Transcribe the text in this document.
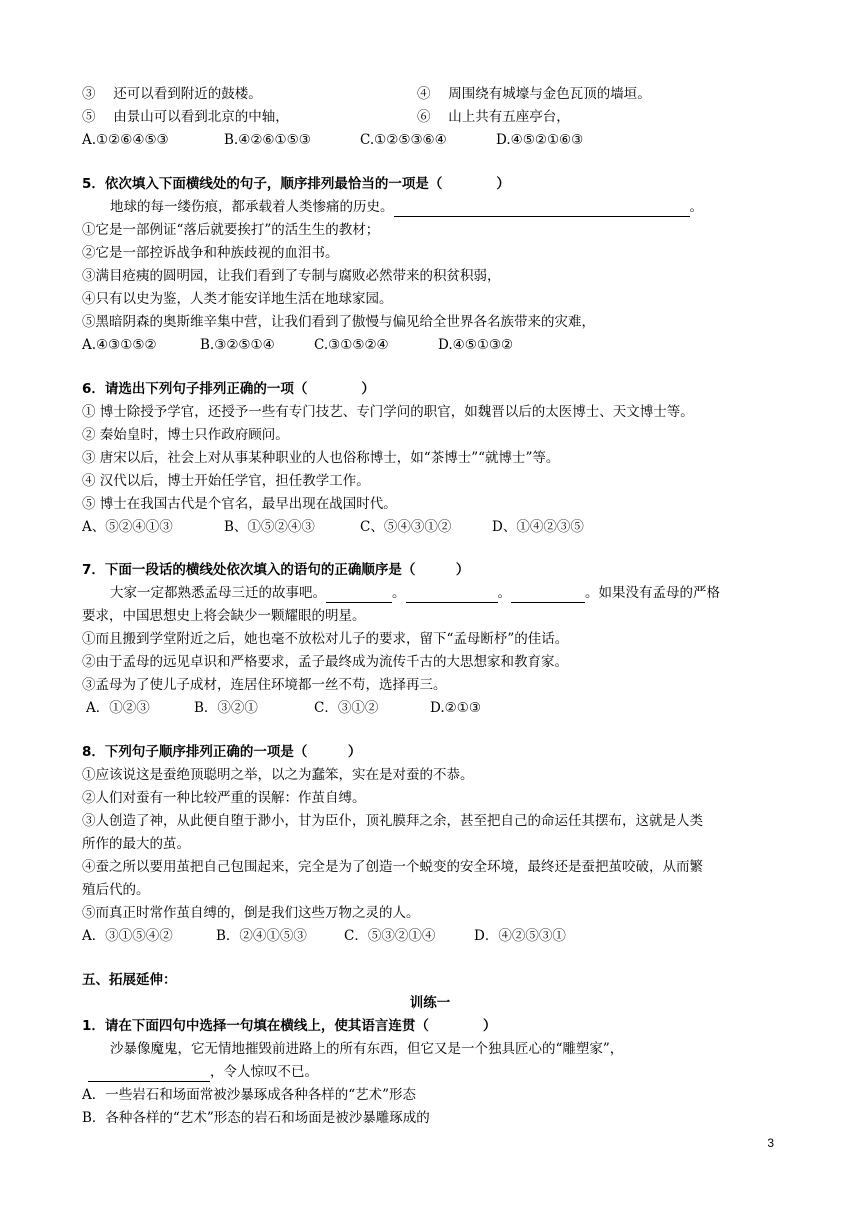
③　 还可以看到附近的鼓楼。	④　 周围绕有城壕与金色瓦顶的墙垣。
⑤　 由景山可以看到北京的中轴，	⑥　 山上共有五座亭台，
A.①②⑥④⑤③	B.④②⑥①⑤③	C.①②⑤③⑥④	D.④⑤②①⑥③
5．依次填入下面横线处的句子，顺序排列最恰当的一项是（　　　　）
地球的每一缕伤痕，都承载着人类惨痛的历史。	。
①它是一部例证“落后就要挨打”的活生生的教材；
②它是一部控诉战争和种族歧视的血泪书。
③满目疮痍的圆明园，让我们看到了专制与腐败必然带来的积贫积弱，
④只有以史为鉴，人类才能安详地生活在地球家园。
⑤黑暗阴森的奥斯维辛集中营，让我们看到了傲慢与偏见给全世界各名族带来的灾难，
A.④③①⑤②	B.③②⑤①④	C.③①⑤②④	D.④⑤①③②
6．请选出下列句子排列正确的一项（　　　　）
① 博士除授予学官，还授予一些有专门技艺、专门学问的职官，如魏晋以后的太医博士、天文博士等。
② 秦始皇时，博士只作政府顾问。
③ 唐宋以后，社会上对从事某种职业的人也俗称博士，如“茶博士”“就博士”等。
④ 汉代以后，博士开始任学官，担任教学工作。
⑤ 博士在我国古代是个官名，最早出现在战国时代。
A、⑤②④①③	B、①⑤②④③	C、⑤④③①②	D、①④②③⑤
7．下面一段话的横线处依次填入的语句的正确顺序是（　　　）
大家一定都熟悉孟母三迁的故事吧。	。	。	。如果没有孟母的严格
要求，中国思想史上将会缺少一颗耀眼的明星。
①而且搬到学堂附近之后，她也毫不放松对儿子的要求，留下“孟母断杼”的佳话。
②由于孟母的远见卓识和严格要求，孟子最终成为流传千古的大思想家和教育家。
③孟母为了使儿子成材，连居住环境都一丝不苟，选择再三。
A．①②③	B．③②①	C．③①②	D.②①③
8．下列句子顺序排列正确的一项是（　　　）
①应该说这是蚕绝顶聪明之举，以之为蠢笨，实在是对蚕的不恭。
②人们对蚕有一种比较严重的误解：作茧自缚。
③人创造了神，从此便自堕于渺小，甘为臣仆，顶礼膜拜之余，甚至把自己的命运任其摆布，这就是人类
所作的最大的茧。
④蚕之所以要用茧把自己包围起来，完全是为了创造一个蜕变的安全环境，最终还是蚕把茧咬破，从而繁
殖后代的。
⑤而真正时常作茧自缚的，倒是我们这些万物之灵的人。
A．③①⑤④②	B．②④①⑤③	C．⑤③②①④	D．④②⑤③①
五、拓展延伸：
训练一
1．请在下面四句中选择一句填在横线上，使其语言连贯（　　　　）
沙暴像魔鬼，它无情地摧毁前进路上的所有东西，但它又是一个独具匠心的“雕塑家”，
，令人惊叹不已。
A．一些岩石和场面常被沙暴琢成各种各样的“艺术”形态
B．各种各样的“艺术”形态的岩石和场面是被沙暴雕琢成的
3
